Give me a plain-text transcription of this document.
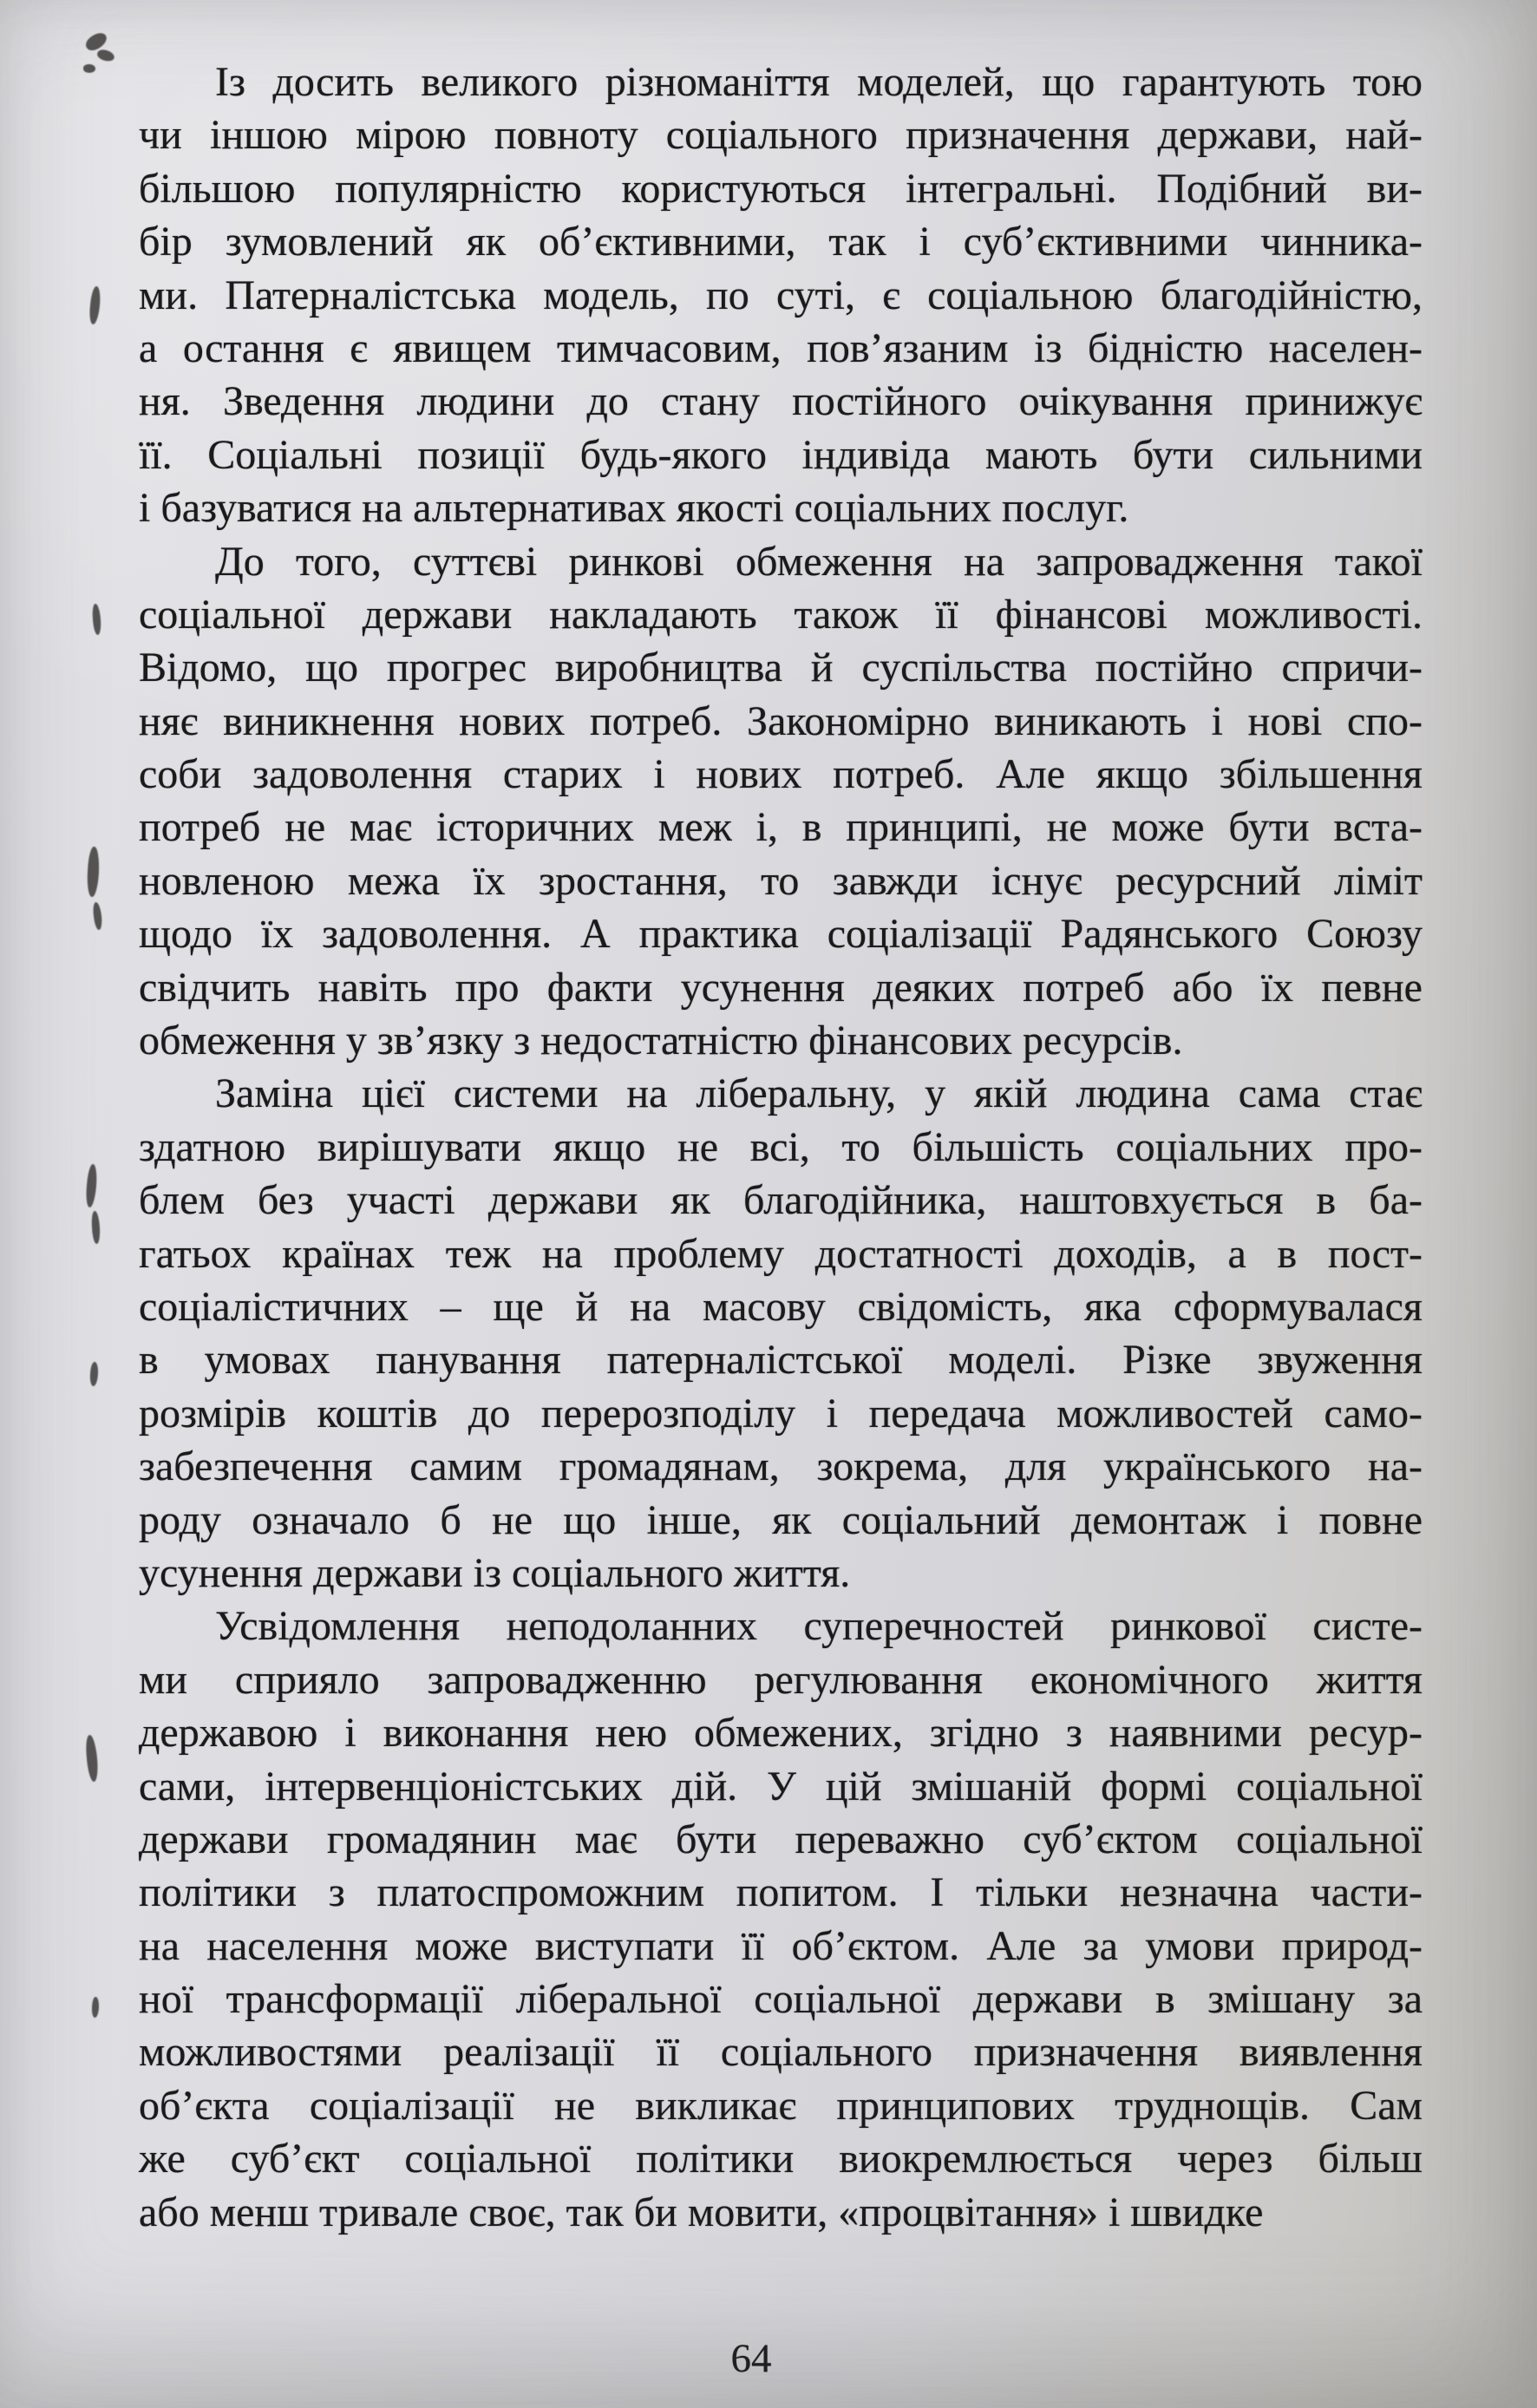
Із досить великого різноманіття моделей, що гарантують тою
чи іншою мірою повноту соціального призначення держави, най-
більшою популярністю користуються інтегральні. Подібний ви-
бір зумовлений як об’єктивними, так і суб’єктивними чинника-
ми. Патерналістська модель, по суті, є соціальною благодійністю,
а остання є явищем тимчасовим, пов’язаним із бідністю населен-
ня. Зведення людини до стану постійного очікування принижує
її. Соціальні позиції будь-якого індивіда мають бути сильними
і базуватися на альтернативах якості соціальних послуг.
До того, суттєві ринкові обмеження на запровадження такої
соціальної держави накладають також її фінансові можливості.
Відомо, що прогрес виробництва й суспільства постійно спричи-
няє виникнення нових потреб. Закономірно виникають і нові спо-
соби задоволення старих і нових потреб. Але якщо збільшення
потреб не має історичних меж і, в принципі, не може бути вста-
новленою межа їх зростання, то завжди існує ресурсний ліміт
щодо їх задоволення. А практика соціалізації Радянського Союзу
свідчить навіть про факти усунення деяких потреб або їх певне
обмеження у зв’язку з недостатністю фінансових ресурсів.
Заміна цієї системи на ліберальну, у якій людина сама стає
здатною вирішувати якщо не всі, то більшість соціальних про-
блем без участі держави як благодійника, наштовхується в ба-
гатьох країнах теж на проблему достатності доходів, а в пост-
соціалістичних – ще й на масову свідомість, яка сформувалася
в умовах панування патерналістської моделі. Різке звуження
розмірів коштів до перерозподілу і передача можливостей само-
забезпечення самим громадянам, зокрема, для українського на-
роду означало б не що інше, як соціальний демонтаж і повне
усунення держави із соціального життя.
Усвідомлення неподоланних суперечностей ринкової систе-
ми сприяло запровадженню регулювання економічного життя
державою і виконання нею обмежених, згідно з наявними ресур-
сами, інтервенціоністських дій. У цій змішаній формі соціальної
держави громадянин має бути переважно суб’єктом соціальної
політики з платоспроможним попитом. І тільки незначна части-
на населення може виступати її об’єктом. Але за умови природ-
ної трансформації ліберальної соціальної держави в змішану за
можливостями реалізації її соціального призначення виявлення
об’єкта соціалізації не викликає принципових труднощів. Сам
же суб’єкт соціальної політики виокремлюється через більш
або менш тривале своє, так би мовити, «процвітання» і швидке
64
